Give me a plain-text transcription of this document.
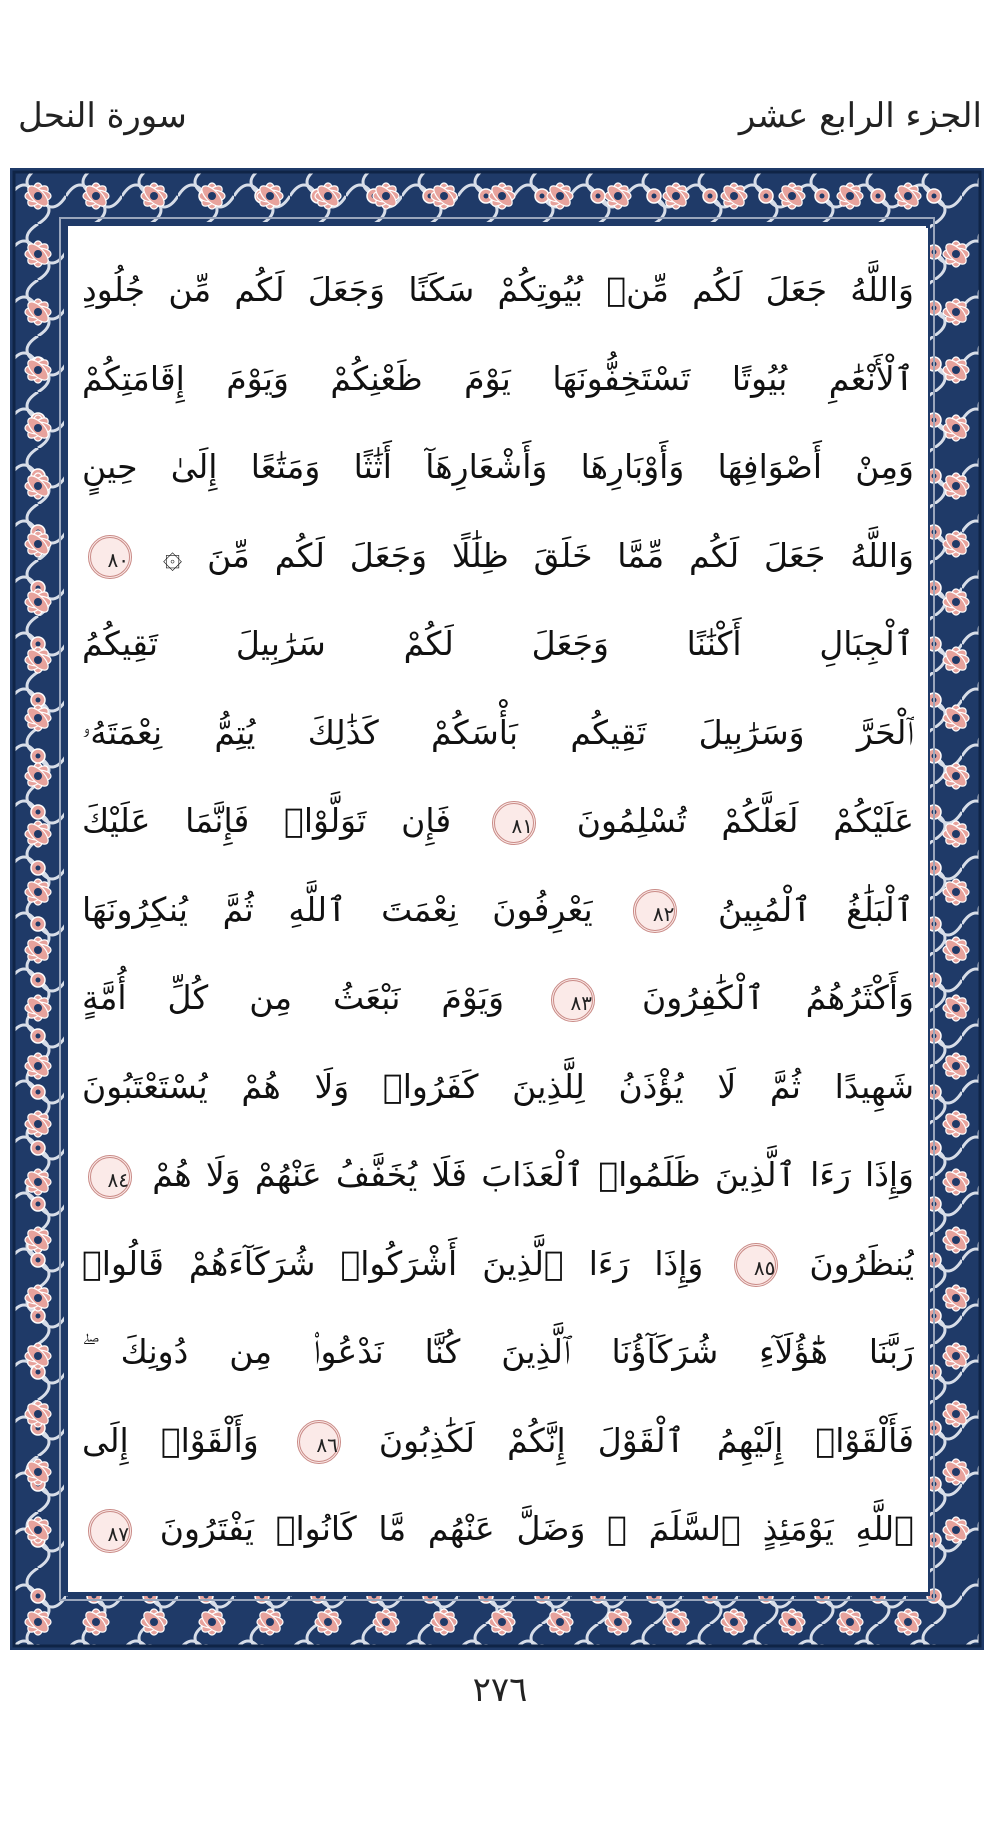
سورة النحل	الجزء الرابع عشر
وَاللَّهُ جَعَلَ لَكُم مِّنۢ بُيُوتِكُمْ سَكَنًا وَجَعَلَ لَكُم مِّن جُلُودِ
ٱلْأَنْعَٰمِ بُيُوتًا تَسْتَخِفُّونَهَا يَوْمَ ظَعْنِكُمْ وَيَوْمَ إِقَامَتِكُمْ
وَمِنْ أَصْوَافِهَا وَأَوْبَارِهَا وَأَشْعَارِهَآ أَثَٰثًا وَمَتَٰعًا إِلَىٰ حِينٍ
وَاللَّهُ جَعَلَ لَكُم مِّمَّا خَلَقَ ظِلَٰلًا وَجَعَلَ لَكُم مِّنَ ۞ ٨٠
ٱلْجِبَالِ أَكْنَٰنًا وَجَعَلَ لَكُمْ سَرَٰبِيلَ تَقِيكُمُ
ٱلْحَرَّ وَسَرَٰبِيلَ تَقِيكُم بَأْسَكُمْ كَذَٰلِكَ يُتِمُّ نِعْمَتَهُۥ
عَلَيْكُمْ لَعَلَّكُمْ تُسْلِمُونَ ٨١ فَإِن تَوَلَّوْا۟ فَإِنَّمَا عَلَيْكَ
ٱلْبَلَٰغُ ٱلْمُبِينُ ٨٢ يَعْرِفُونَ نِعْمَتَ ٱللَّهِ ثُمَّ يُنكِرُونَهَا
وَأَكْثَرُهُمُ ٱلْكَٰفِرُونَ ٨٣ وَيَوْمَ نَبْعَثُ مِن كُلِّ أُمَّةٍ
شَهِيدًا ثُمَّ لَا يُؤْذَنُ لِلَّذِينَ كَفَرُوا۟ وَلَا هُمْ يُسْتَعْتَبُونَ
وَإِذَا رَءَا ٱلَّذِينَ ظَلَمُوا۟ ٱلْعَذَابَ فَلَا يُخَفَّفُ عَنْهُمْ وَلَا هُمْ ٨٤
يُنظَرُونَ ٨٥ وَإِذَا رَءَا ٱلَّذِينَ أَشْرَكُوا۟ شُرَكَآءَهُمْ قَالُوا۟
رَبَّنَا هَٰٓؤُلَآءِ شُرَكَآؤُنَا ٱلَّذِينَ كُنَّا نَدْعُوا۟ مِن دُونِكَ ۖ
فَأَلْقَوْا۟ إِلَيْهِمُ ٱلْقَوْلَ إِنَّكُمْ لَكَٰذِبُونَ ٨٦ وَأَلْقَوْا۟ إِلَى
ٱللَّهِ يَوْمَئِذٍ ٱلسَّلَمَ ۖ وَضَلَّ عَنْهُم مَّا كَانُوا۟ يَفْتَرُونَ ٨٧
٢٧٦
